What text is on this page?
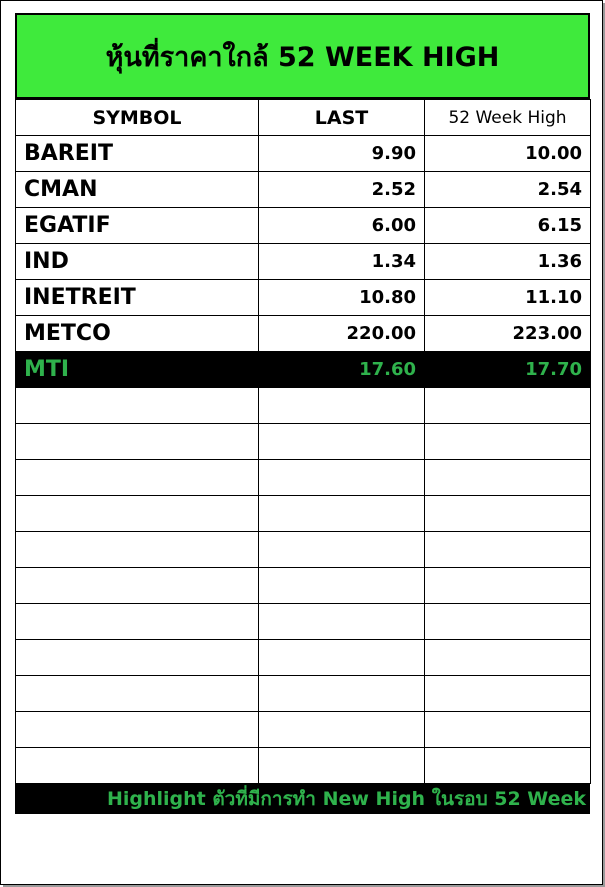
หุ้นที่ราคาใกล้ 52 WEEK HIGH
SYMBOL	LAST	52 Week High
BAREIT	9.90	10.00
CMAN	2.52	2.54
EGATIF	6.00	6.15
IND	1.34	1.36
INETREIT	10.80	11.10
METCO	220.00	223.00
MTI	17.60	17.70

Highlight ตัวที่มีการทำ New High ในรอบ 52 Week
